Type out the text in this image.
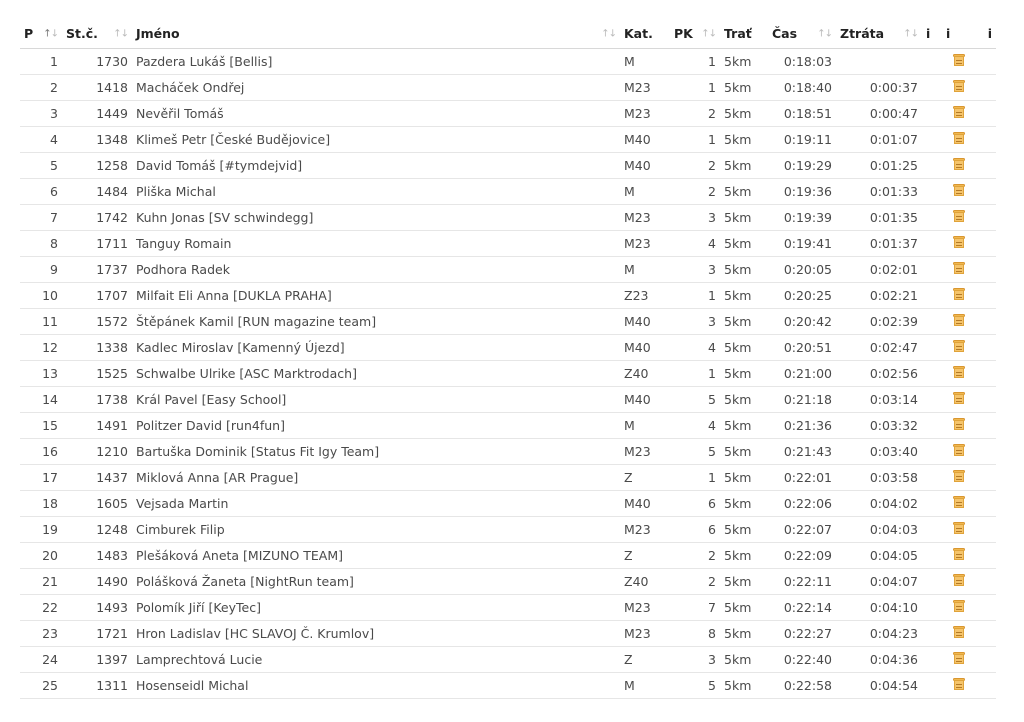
P ↑↓	St.č. ↑↓	Jméno ↑↓	Kat.	PK ↑↓	Trať	Čas ↑↓	Ztráta ↑↓	i	i	i
1	1730	Pazdera Lukáš [Bellis]	M	1	5km	0:18:03			

2	1418	Macháček Ondřej	M23	1	5km	0:18:40	0:00:37		

3	1449	Nevěřil Tomáš	M23	2	5km	0:18:51	0:00:47		

4	1348	Klimeš Petr [České Budějovice]	M40	1	5km	0:19:11	0:01:07		

5	1258	David Tomáš [#tymdejvid]	M40	2	5km	0:19:29	0:01:25		

6	1484	Pliška Michal	M	2	5km	0:19:36	0:01:33		

7	1742	Kuhn Jonas [SV schwindegg]	M23	3	5km	0:19:39	0:01:35		

8	1711	Tanguy Romain	M23	4	5km	0:19:41	0:01:37		

9	1737	Podhora Radek	M	3	5km	0:20:05	0:02:01		

10	1707	Milfait Eli Anna [DUKLA PRAHA]	Z23	1	5km	0:20:25	0:02:21		

11	1572	Štěpánek Kamil [RUN magazine team]	M40	3	5km	0:20:42	0:02:39		

12	1338	Kadlec Miroslav [Kamenný Újezd]	M40	4	5km	0:20:51	0:02:47		

13	1525	Schwalbe Ulrike [ASC Marktrodach]	Z40	1	5km	0:21:00	0:02:56		

14	1738	Král Pavel [Easy School]	M40	5	5km	0:21:18	0:03:14		

15	1491	Politzer David [run4fun]	M	4	5km	0:21:36	0:03:32		

16	1210	Bartuška Dominik [Status Fit Igy Team]	M23	5	5km	0:21:43	0:03:40		

17	1437	Miklová Anna [AR Prague]	Z	1	5km	0:22:01	0:03:58		

18	1605	Vejsada Martin	M40	6	5km	0:22:06	0:04:02		

19	1248	Cimburek Filip	M23	6	5km	0:22:07	0:04:03		

20	1483	Plešáková Aneta [MIZUNO TEAM]	Z	2	5km	0:22:09	0:04:05		

21	1490	Polášková Žaneta [NightRun team]	Z40	2	5km	0:22:11	0:04:07		

22	1493	Polomík Jiří [KeyTec]	M23	7	5km	0:22:14	0:04:10		

23	1721	Hron Ladislav [HC SLAVOJ Č. Krumlov]	M23	8	5km	0:22:27	0:04:23		

24	1397	Lamprechtová Lucie	Z	3	5km	0:22:40	0:04:36		

25	1311	Hosenseidl Michal	M	5	5km	0:22:58	0:04:54		
